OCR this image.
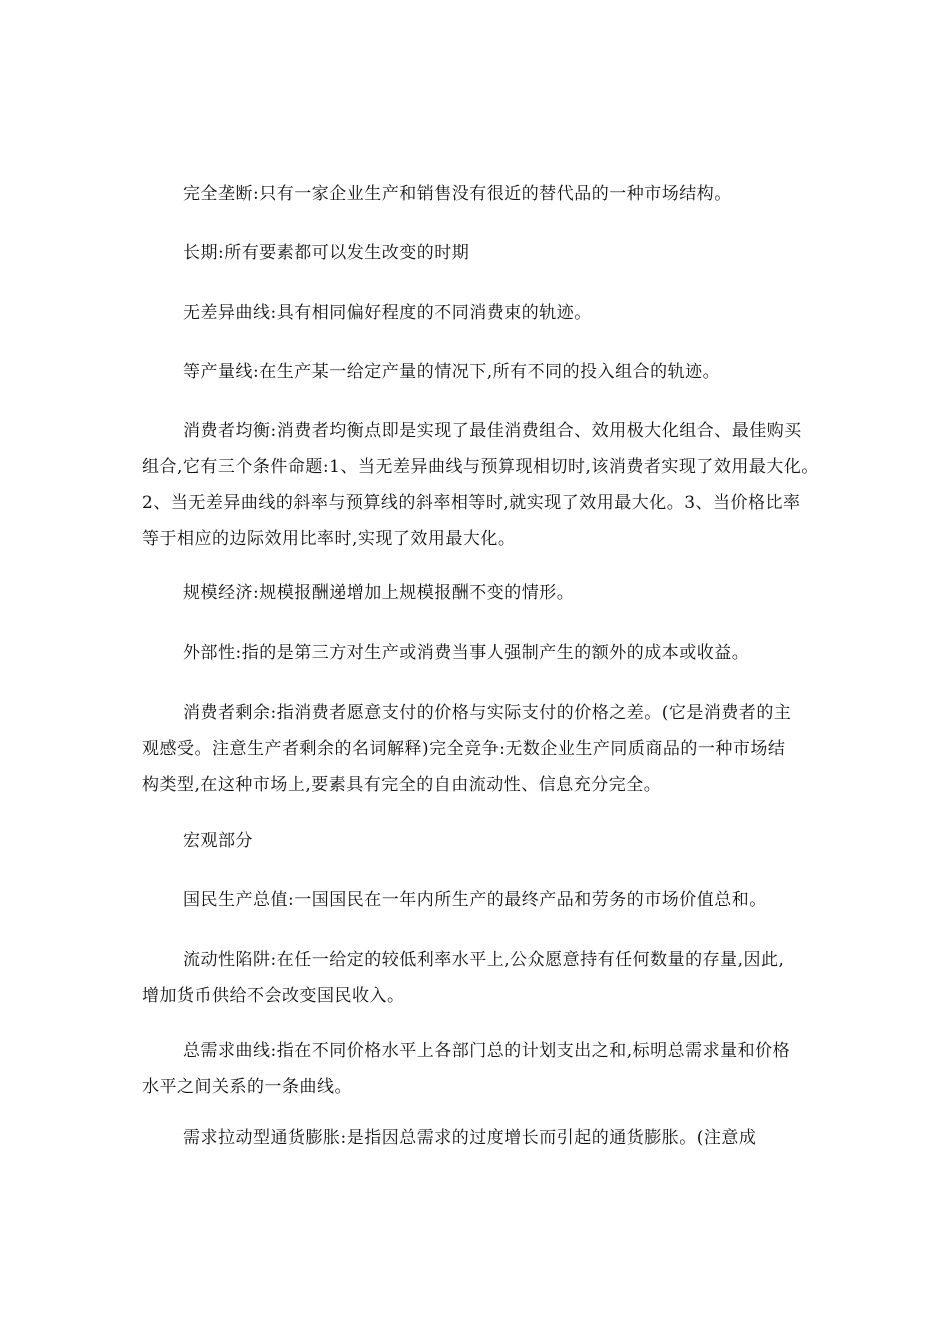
完全垄断:只有一家企业生产和销售没有很近的替代品的一种市场结构。
长期:所有要素都可以发生改变的时期
无差异曲线:具有相同偏好程度的不同消费束的轨迹。
等产量线:在生产某一给定产量的情况下,所有不同的投入组合的轨迹。
消费者均衡:消费者均衡点即是实现了最佳消费组合、效用极大化组合、最佳购买
组合,它有三个条件命题:1、当无差异曲线与预算现相切时,该消费者实现了效用最大化。
2、当无差异曲线的斜率与预算线的斜率相等时,就实现了效用最大化。3、当价格比率
等于相应的边际效用比率时,实现了效用最大化。
规模经济:规模报酬递增加上规模报酬不变的情形。
外部性:指的是第三方对生产或消费当事人强制产生的额外的成本或收益。
消费者剩余:指消费者愿意支付的价格与实际支付的价格之差。(它是消费者的主
观感受。注意生产者剩余的名词解释)完全竞争:无数企业生产同质商品的一种市场结
构类型,在这种市场上,要素具有完全的自由流动性、信息充分完全。
宏观部分
国民生产总值:一国国民在一年内所生产的最终产品和劳务的市场价值总和。
流动性陷阱:在任一给定的较低利率水平上,公众愿意持有任何数量的存量,因此,
增加货币供给不会改变国民收入。
总需求曲线:指在不同价格水平上各部门总的计划支出之和,标明总需求量和价格
水平之间关系的一条曲线。
需求拉动型通货膨胀:是指因总需求的过度增长而引起的通货膨胀。(注意成
